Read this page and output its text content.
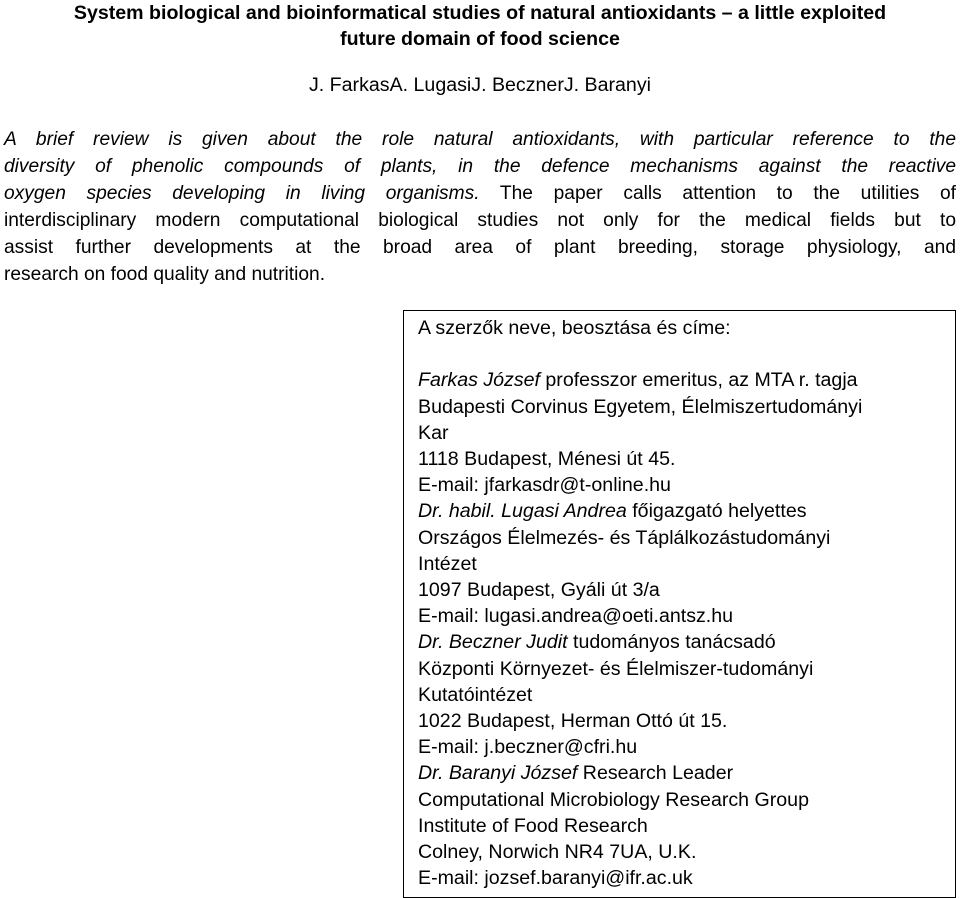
System biological and bioinformatical studies of natural antioxidants – a little exploited
future domain of food science
J. FarkasA. LugasiJ. BecznerJ. Baranyi
A brief review is given about the role natural antioxidants, with particular reference to the
diversity of phenolic compounds of plants, in the defence mechanisms against the reactive
oxygen species developing in living organisms. The paper calls attention to the utilities of
interdisciplinary modern computational biological studies not only for the medical fields but to
assist further developments at the broad area of plant breeding, storage physiology, and
research on food quality and nutrition.
A szerzők neve, beosztása és címe:
Farkas József professzor emeritus, az MTA r. tagja
Budapesti Corvinus Egyetem, Élelmiszertudományi
Kar
1118 Budapest, Ménesi út 45.
E-mail: jfarkasdr@t-online.hu
Dr. habil. Lugasi Andrea főigazgató helyettes
Országos Élelmezés- és Táplálkozástudományi
Intézet
1097 Budapest, Gyáli út 3/a
E-mail: lugasi.andrea@oeti.antsz.hu
Dr. Beczner Judit tudományos tanácsadó
Központi Környezet- és Élelmiszer-tudományi
Kutatóintézet
1022 Budapest, Herman Ottó út 15.
E-mail: j.beczner@cfri.hu
Dr. Baranyi József Research Leader
Computational Microbiology Research Group
Institute of Food Research
Colney, Norwich NR4 7UA, U.K.
E-mail: jozsef.baranyi@ifr.ac.uk
